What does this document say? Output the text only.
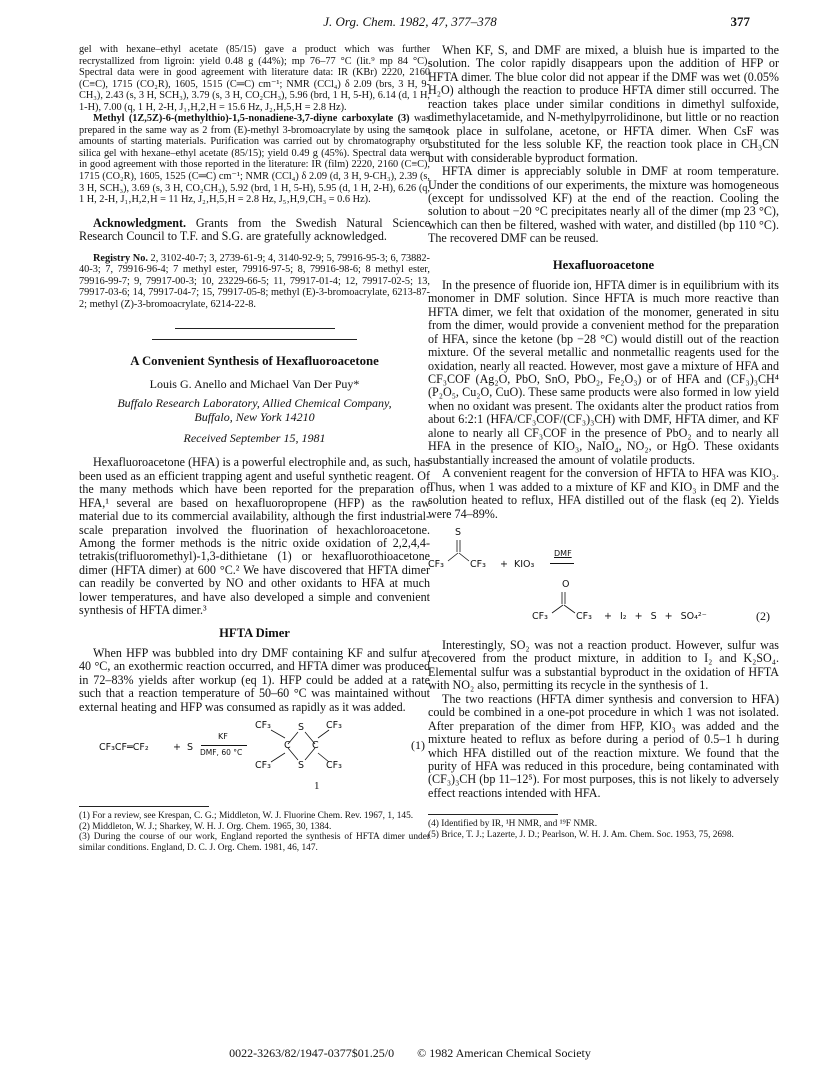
J. Org. Chem. 1982, 47, 377–378	377

gel with hexane–ethyl acetate (85/15) gave a product which was further recrystallized from ligroin: yield 0.48 g (44%); mp 76–77 °C (lit.⁹ mp 84 °C). Spectral data were in good agreement with literature data: IR (KBr) 2220, 2160 (C≡C), 1715 (CO₂R), 1605, 1515 (C═C) cm⁻¹; NMR (CCl₄) δ 2.09 (brs, 3 H, 9-CH₃), 2.43 (s, 3 H, SCH₃), 3.79 (s, 3 H, CO₂CH₃), 5.96 (brd, 1 H, 5-H), 6.14 (d, 1 H, 1-H), 7.00 (q, 1 H, 2-H, J₁‚H,2‚H = 15.6 Hz, J₂‚H,5‚H = 2.8 Hz).

Methyl (1Z,5Z)-6-(methylthio)-1,5-nonadiene-3,7-diyne carboxylate (3) was prepared in the same way as 2 from (E)-methyl 3-bromoacrylate by using the same amounts of starting materials. Purification was carried out by chromatography on silica gel with hexane–ethyl acetate (85/15); yield 0.49 g (45%). Spectral data were in good agreement with those reported in the literature: IR (film) 2220, 2160 (C≡C), 1715 (CO₂R), 1605, 1525 (C═C) cm⁻¹; NMR (CCl₄) δ 2.09 (d, 3 H, 9-CH₃), 2.39 (s, 3 H, SCH₃), 3.69 (s, 3 H, CO₂CH₃), 5.92 (brd, 1 H, 5-H), 5.95 (d, 1 H, 2-H), 6.26 (q, 1 H, 2-H, J₁‚H,2‚H = 11 Hz, J₂‚H,5‚H = 2.8 Hz, J₅‚H,9‚CH₃ = 0.6 Hz).

Acknowledgment. Grants from the Swedish Natural Science Research Council to T.F. and S.G. are gratefully acknowledged.

Registry No. 2, 3102-40-7; 3, 2739-61-9; 4, 3140-92-9; 5, 79916-95-3; 6, 73882-40-3; 7, 79916-96-4; 7 methyl ester, 79916-97-5; 8, 79916-98-6; 8 methyl ester, 79916-99-7; 9, 79917-00-3; 10, 23229-66-5; 11, 79917-01-4; 12, 79917-02-5; 13, 79917-03-6; 14, 79917-04-7; 15, 79917-05-8; methyl (E)-3-bromoacrylate, 6213-87-2; methyl (Z)-3-bromoacrylate, 6214-22-8.

A Convenient Synthesis of Hexafluoroacetone

Louis G. Anello and Michael Van Der Puy*

Buffalo Research Laboratory, Allied Chemical Company,

Buffalo, New York 14210

Received September 15, 1981

Hexafluoroacetone (HFA) is a powerful electrophile and, as such, has been used as an efficient trapping agent and useful synthetic reagent. Of the many methods which have been reported for the preparation of HFA,¹ several are based on hexafluoropropene (HFP) as the raw material due to its commercial availability, although the first industrial-scale preparation involved the fluorination of hexachloroacetone. Among the former methods is the nitric oxide oxidation of 2,2,4,4-tetrakis(trifluoromethyl)-1,3-dithietane (1) or hexafluorothioacetone dimer (HFTA dimer) at 600 °C.² We have discovered that HFTA dimer can readily be converted by NO and other oxidants to HFA at much lower temperatures, and have also developed a simple and convenient synthesis of HFTA dimer.³

HFTA Dimer

When HFP was bubbled into dry DMF containing KF and sulfur at 40 °C, an exothermic reaction occurred, and HFTA dimer was produced in 72–83% yields after workup (eq 1). HFP could be added at a rate such that a reaction temperature of 50–60 °C was maintained without external heating and HFP was consumed as rapidly as it was added.

CF₃CF═CF₂	+ S
KF
DMF, 60 °C
CF₃
CF₃
C
S
S
C
CF₃
CF₃
(1)
1

(1) For a review, see Krespan, C. G.; Middleton, W. J. Fluorine Chem. Rev. 1967, 1, 145.

(2) Middleton, W. J.; Sharkey, W. H. J. Org. Chem. 1965, 30, 1384.

(3) During the course of our work, England reported the synthesis of HFTA dimer under similar conditions. England, D. C. J. Org. Chem. 1981, 46, 147.

When KF, S, and DMF are mixed, a bluish hue is imparted to the solution. The color rapidly disappears upon the addition of HFP or HFTA dimer. The blue color did not appear if the DMF was wet (0.05% H₂O) although the reaction to produce HFTA dimer still occurred. The reaction takes place under similar conditions in dimethyl sulfoxide, dimethylacetamide, and N-methylpyrrolidinone, but little or no reaction took place in sulfolane, acetone, or HFTA dimer. When CsF was substituted for the less soluble KF, the reaction took place in CH₃CN but with considerable byproduct formation.

HFTA dimer is appreciably soluble in DMF at room temperature. Under the conditions of our experiments, the mixture was homogeneous (except for undissolved KF) at the end of the reaction. Cooling the solution to about −20 °C precipitates nearly all of the dimer (mp 23 °C), which can then be filtered, washed with water, and distilled (bp 110 °C). The recovered DMF can be reused.

Hexafluoroacetone

In the presence of fluoride ion, HFTA dimer is in equilibrium with its monomer in DMF solution. Since HFTA is much more reactive than HFTA dimer, we felt that oxidation of the monomer, generated in situ from the dimer, would provide a convenient method for the preparation of HFA, since the ketone (bp −28 °C) would distill out of the reaction mixture. Of the several metallic and nonmetallic reagents used for the oxidation, nearly all reacted. However, most gave a mixture of HFA and CF₃COF (Ag₂O, PbO, SnO, PbO₂, Fe₂O₃) or of HFA and (CF₃)₃CH⁴ (P₂O₅, Cu₂O, CuO). These same products were also formed in low yield when no oxidant was present. The oxidants alter the product ratios from about 6:2:1 (HFA/CF₃COF/(CF₃)₃CH) with DMF, HFTA dimer, and KF alone to nearly all CF₃COF in the presence of PbO₂ and to nearly all HFA in the presence of KIO₃, NaIO₄, NO₂, or HgO. These oxidants substantially increased the amount of volatile products.

A convenient reagent for the conversion of HFTA to HFA was KIO₃. Thus, when 1 was added to a mixture of KF and KIO₃ in DMF and the solution heated to reflux, HFA distilled out of the flask (eq 2). Yields were 74–89%.

S
CF₃	CF₃ + KIO₃
DMF
O
CF₃	CF₃ + I₂ + S + SO₄²⁻	(2)

Interestingly, SO₂ was not a reaction product. However, sulfur was recovered from the product mixture, in addition to I₂ and K₂SO₄. Elemental sulfur was a substantial byproduct in the oxidation of HFTA with NO₂ also, permitting its recycle in the synthesis of 1.

The two reactions (HFTA dimer synthesis and conversion to HFA) could be combined in a one-pot procedure in which 1 was not isolated. After preparation of the dimer from HFP, KIO₃ was added and the mixture heated to reflux as before during a period of 0.5–1 h during which HFA distilled out of the reaction mixture. We found that the purity of HFA was reduced in this procedure, being contaminated with (CF₃)₃CH (bp 11–12⁵). For most purposes, this is not likely to adversely effect reactions intended with HFA.

(4) Identified by IR, ¹H NMR, and ¹⁹F NMR.

(5) Brice, T. J.; Lazerte, J. D.; Pearlson, W. H. J. Am. Chem. Soc. 1953, 75, 2698.

0022-3263/82/1947-0377$01.25/0 © 1982 American Chemical Society
